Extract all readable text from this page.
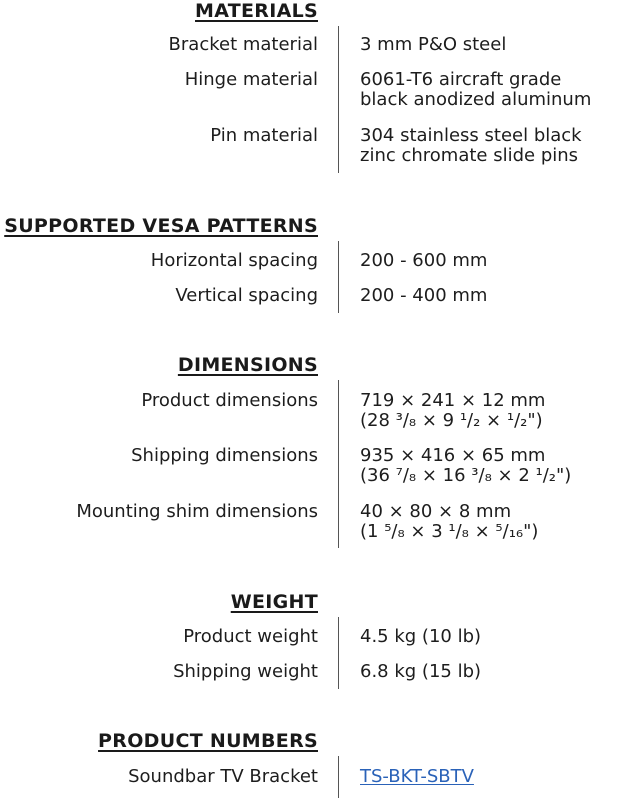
MATERIALS
Bracket material 3 mm P&O steel
Hinge material 6061-T6 aircraft grade
black anodized aluminum
Pin material 304 stainless steel black
zinc chromate slide pins
SUPPORTED VESA PATTERNS
Horizontal spacing 200 - 600 mm
Vertical spacing 200 - 400 mm
DIMENSIONS
Product dimensions 719 × 241 × 12 mm
(28 ³/₈ × 9 ¹/₂ × ¹/₂")
Shipping dimensions 935 × 416 × 65 mm
(36 ⁷/₈ × 16 ³/₈ × 2 ¹/₂")
Mounting shim dimensions 40 × 80 × 8 mm
(1 ⁵/₈ × 3 ¹/₈ × ⁵/₁₆")
WEIGHT
Product weight 4.5 kg (10 lb)
Shipping weight 6.8 kg (15 lb)
PRODUCT NUMBERS
Soundbar TV Bracket TS-BKT-SBTV
